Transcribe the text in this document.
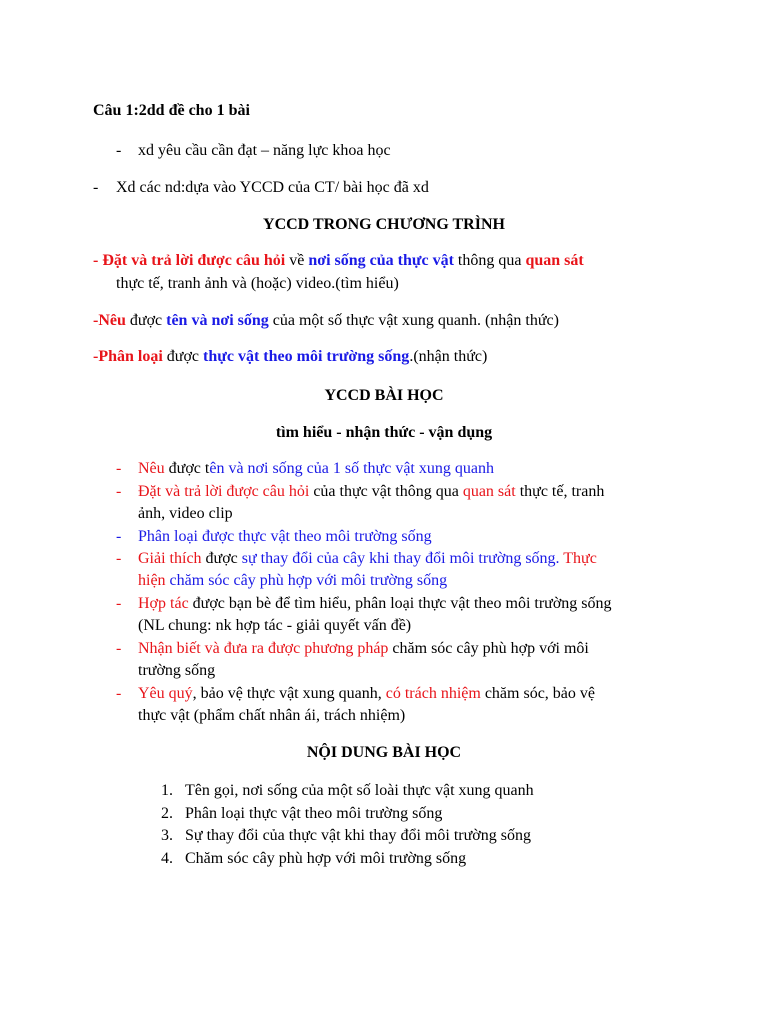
Câu 1:2dd đề cho 1 bài
- xd yêu cầu cần đạt – năng lực khoa học
- Xd các nd:dựa vào YCCD của CT/ bài học đã xd
YCCD TRONG CHƯƠNG TRÌNH
- Đặt và trả lời được câu hỏi về nơi sống của thực vật thông qua quan sát
thực tế, tranh ảnh và (hoặc) video.(tìm hiểu)
-Nêu được tên và nơi sống của một số thực vật xung quanh. (nhận thức)
-Phân loại được thực vật theo môi trường sống.(nhận thức)
YCCD BÀI HỌC
tìm hiểu - nhận thức - vận dụng
- Nêu được tên và nơi sống của 1 số thực vật xung quanh
- Đặt và trả lời được câu hỏi của thực vật thông qua quan sát thực tế, tranh
ảnh, video clip
- Phân loại được thực vật theo môi trường sống
- Giải thích được sự thay đổi của cây khi thay đổi môi trường sống. Thực
hiện chăm sóc cây phù hợp với môi trường sống
- Hợp tác được bạn bè để tìm hiểu, phân loại thực vật theo môi trường sống
(NL chung: nk hợp tác - giải quyết vấn đề)
- Nhận biết và đưa ra được phương pháp chăm sóc cây phù hợp với môi
trường sống
- Yêu quý, bảo vệ thực vật xung quanh, có trách nhiệm chăm sóc, bảo vệ
thực vật (phẩm chất nhân ái, trách nhiệm)
NỘI DUNG BÀI HỌC
1. Tên gọi, nơi sống của một số loài thực vật xung quanh
2. Phân loại thực vật theo môi trường sống
3. Sự thay đổi của thực vật khi thay đổi môi trường sống
4. Chăm sóc cây phù hợp với môi trường sống
